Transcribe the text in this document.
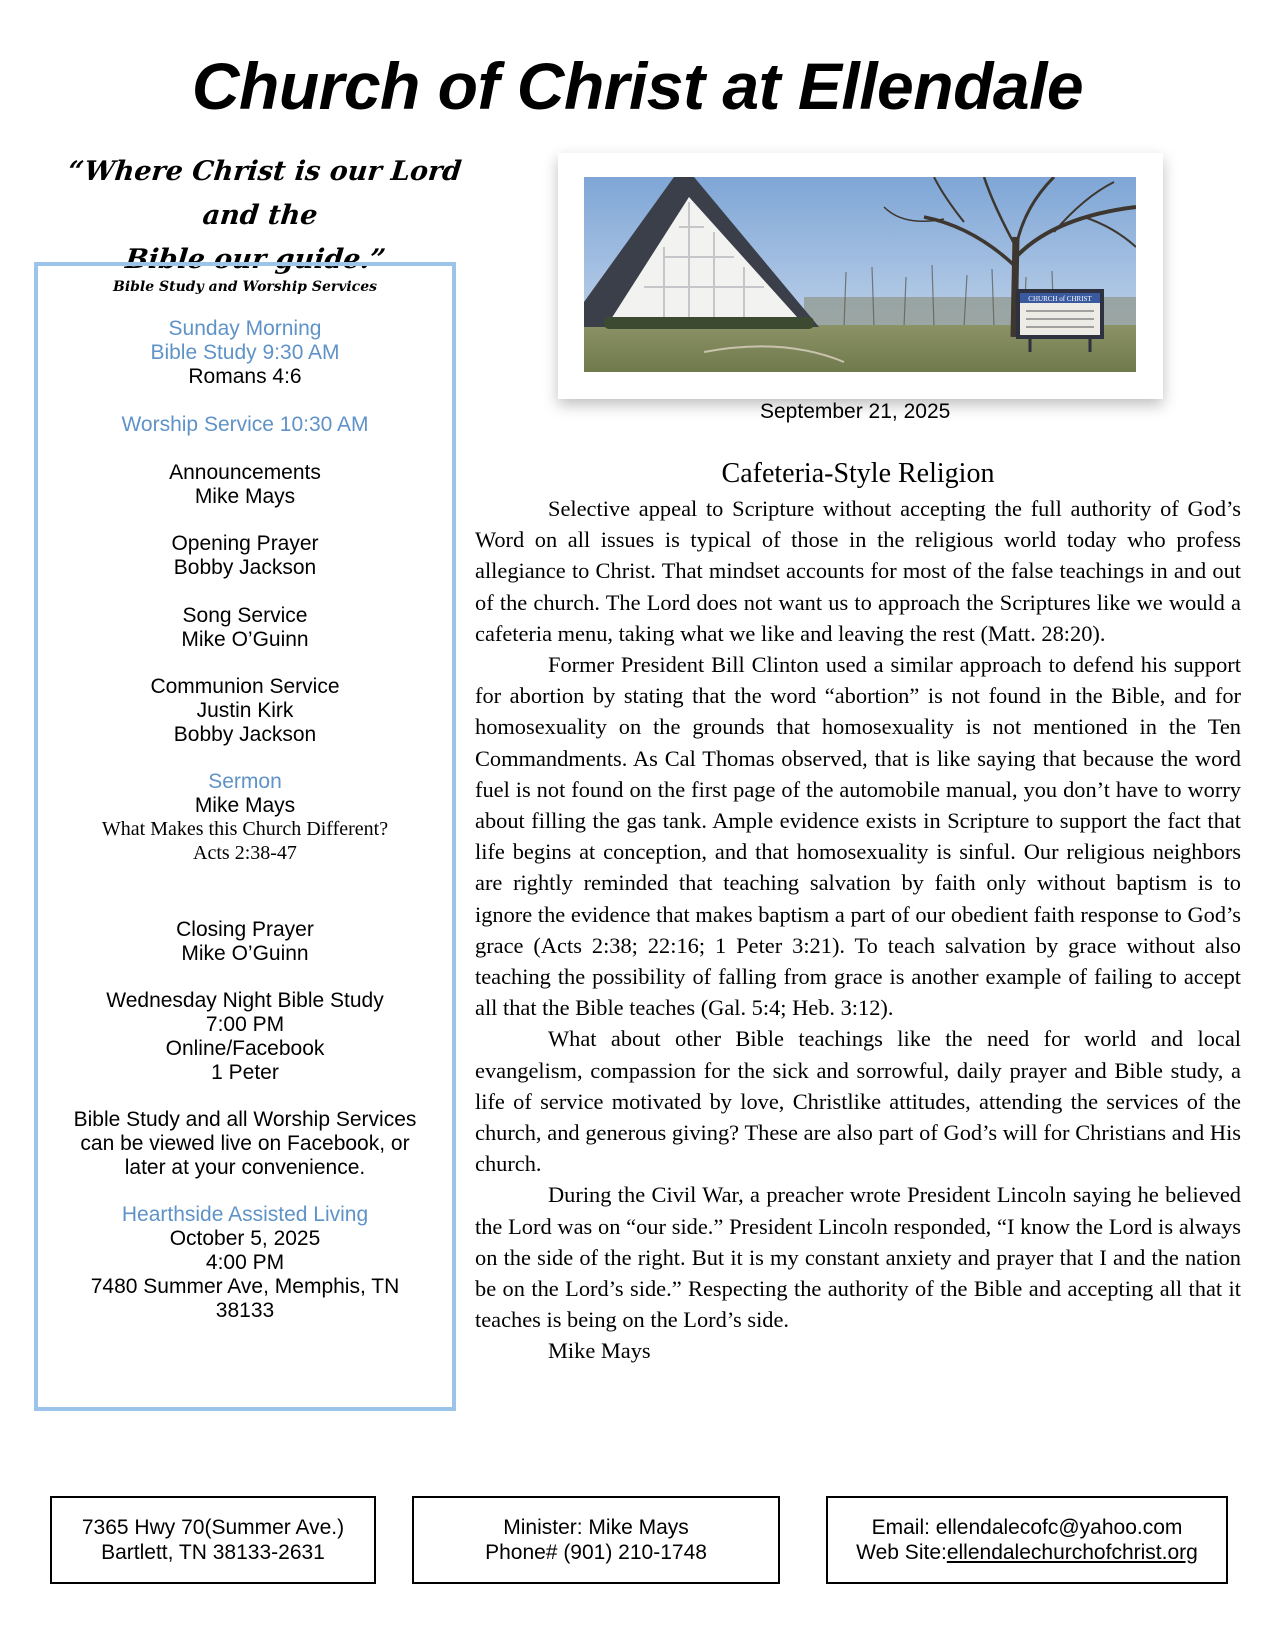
Church of Christ at Ellendale
“Where Christ is our Lord and the
Bible our guide.”
Bible Study and Worship Services
Sunday Morning
Bible Study 9:30 AM
Romans 4:6
Worship Service 10:30 AM
Announcements
Mike Mays
Opening Prayer
Bobby Jackson
Song Service
Mike O’Guinn
Communion Service
Justin Kirk
Bobby Jackson
Sermon
Mike Mays
What Makes this Church Different?
Acts 2:38-47
Closing Prayer
Mike O’Guinn
Wednesday Night Bible Study
7:00 PM
Online/Facebook
1 Peter
Bible Study and all Worship Services
can be viewed live on Facebook, or
later at your convenience.
Hearthside Assisted Living
October 5, 2025
4:00 PM
7480 Summer Ave, Memphis, TN
38133
CHURCH of CHRIST
September 21, 2025
Cafeteria-Style Religion

Selective appeal to Scripture without accepting the full authority of God’s Word on all issues is typical of those in the religious world today who profess allegiance to Christ. That mindset accounts for most of the false teachings in and out of the church. The Lord does not want us to approach the Scriptures like we would a cafeteria menu, taking what we like and leaving the rest (Matt. 28:20).

Former President Bill Clinton used a similar approach to defend his support for abortion by stating that the word “abortion” is not found in the Bible, and for homosexuality on the grounds that homosexuality is not mentioned in the Ten Commandments. As Cal Thomas observed, that is like saying that because the word fuel is not found on the first page of the automobile manual, you don’t have to worry about filling the gas tank. Ample evidence exists in Scripture to support the fact that life begins at conception, and that homosexuality is sinful. Our religious neighbors are rightly reminded that teaching salvation by faith only without baptism is to ignore the evidence that makes baptism a part of our obedient faith response to God’s grace (Acts 2:38; 22:16; 1 Peter 3:21). To teach salvation by grace without also teaching the possibility of falling from grace is another example of failing to accept all that the Bible teaches (Gal. 5:4; Heb. 3:12).

What about other Bible teachings like the need for world and local evangelism, compassion for the sick and sorrowful, daily prayer and Bible study, a life of service motivated by love, Christlike attitudes, attending the services of the church, and generous giving? These are also part of God’s will for Christians and His church.

During the Civil War, a preacher wrote President Lincoln saying he believed the Lord was on “our side.” President Lincoln responded, “I know the Lord is always on the side of the right. But it is my constant anxiety and prayer that I and the nation be on the Lord’s side.” Respecting the authority of the Bible and accepting all that it teaches is being on the Lord’s side.

Mike Mays

7365 Hwy 70(Summer Ave.)
Bartlett, TN 38133-2631
Minister: Mike Mays
Phone# (901) 210-1748
Email: ellendalecofc@yahoo.com
Web Site:ellendalechurchofchrist.org
